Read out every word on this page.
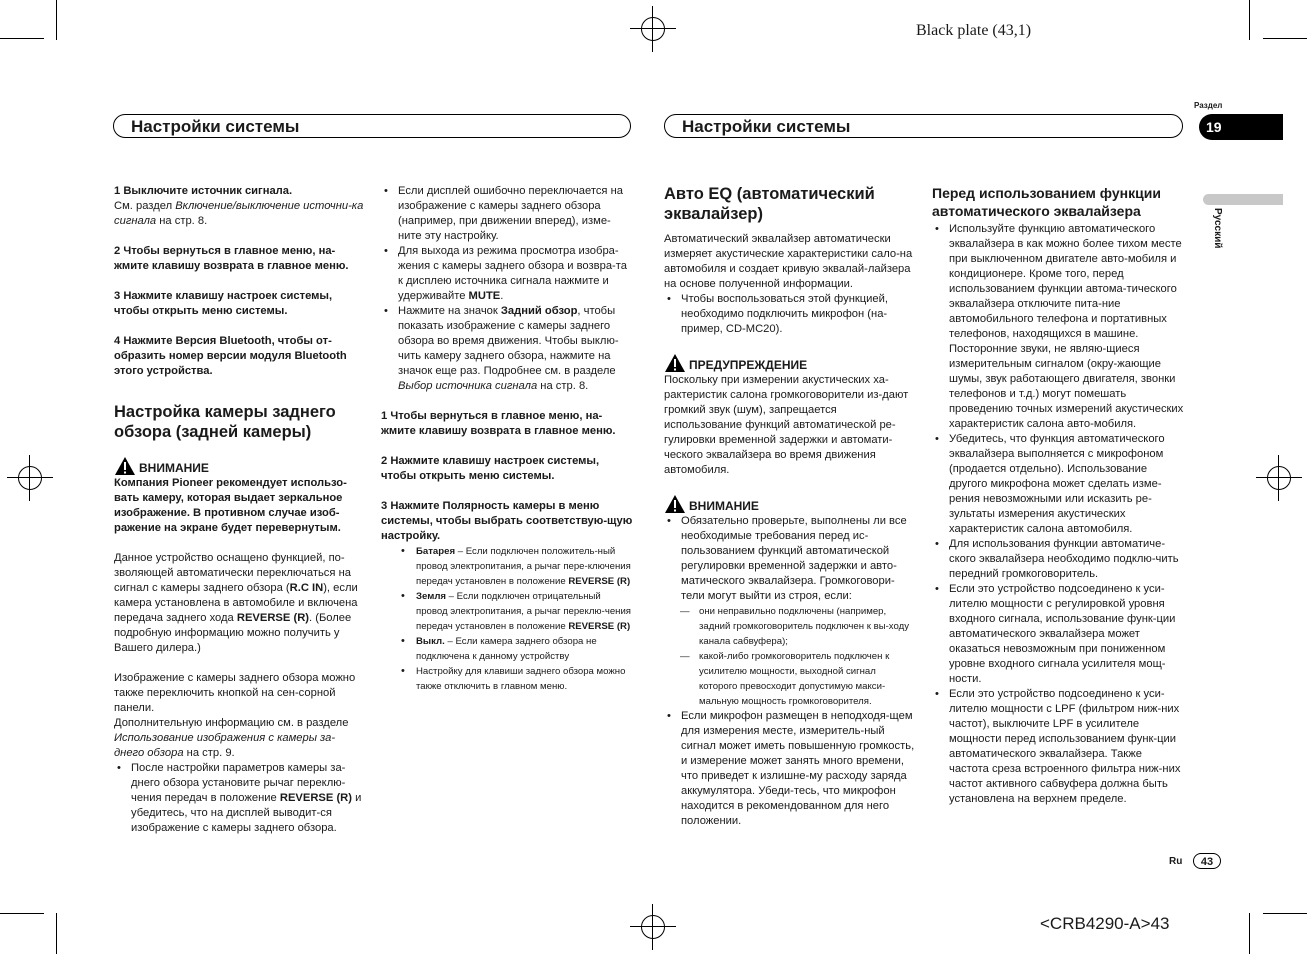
Black plate (43,1)
Настройки системы	Настройки системы
Раздел
19
Русский

1 Выключите источник сигнала.

См. раздел Включение/выключение источни-ка сигнала на стр. 8.

2 Чтобы вернуться в главное меню, на-жмите клавишу возврата в главное меню.

3 Нажмите клавишу настроек системы, чтобы открыть меню системы.

4 Нажмите Версия Bluetooth, чтобы от-образить номер версии модуля Bluetooth этого устройства.

Настройка камеры заднего обзора (задней камеры)
ВНИМАНИЕ

Компания Pioneer рекомендует использо-вать камеру, которая выдает зеркальное изображение. В противном случае изоб-ражение на экране будет перевернутым.

Данное устройство оснащено функцией, по-зволяющей автоматически переключаться на сигнал с камеры заднего обзора (R.C IN), если камера установлена в автомобиле и включена передача заднего хода REVERSE (R). (Более подробную информацию можно получить у Вашего дилера.)

Изображение с камеры заднего обзора можно также переключить кнопкой на сен-сорной панели.

Дополнительную информацию см. в разделе Использование изображения с камеры за-днего обзора на стр. 9.

• После настройки параметров камеры за-днего обзора установите рычаг переклю-чения передач в положение REVERSE (R) и убедитесь, что на дисплей выводит-ся изображение с камеры заднего обзора.
• Если дисплей ошибочно переключается на изображение с камеры заднего обзора (например, при движении вперед), изме-ните эту настройку.
• Для выхода из режима просмотра изобра-жения с камеры заднего обзора и возвра-та к дисплею источника сигнала нажмите и удерживайте MUTE.
• Нажмите на значок Задний обзор, чтобы показать изображение с камеры заднего обзора во время движения. Чтобы выклю-чить камеру заднего обзора, нажмите на значок еще раз. Подробнее см. в разделе Выбор источника сигнала на стр. 8.

1 Чтобы вернуться в главное меню, на-жмите клавишу возврата в главное меню.

2 Нажмите клавишу настроек системы, чтобы открыть меню системы.

3 Нажмите Полярность камеры в меню системы, чтобы выбрать соответствую-щую настройку.

• Батарея – Если подключен положитель-ный провод электропитания, а рычаг пере-ключения передач установлен в положение REVERSE (R)
• Земля – Если подключен отрицательный провод электропитания, а рычаг переклю-чения передач установлен в положение REVERSE (R)
• Выкл. – Если камера заднего обзора не подключена к данному устройству
• Настройку для клавиши заднего обзора можно также отключить в главном меню.
Авто EQ (автоматический эквалайзер)

Автоматический эквалайзер автоматически измеряет акустические характеристики сало-на автомобиля и создает кривую эквалай-лайзера на основе полученной информации.

• Чтобы воспользоваться этой функцией, необходимо подключить микрофон (на-пример, CD-MC20).
ПРЕДУПРЕЖДЕНИЕ

Поскольку при измерении акустических ха-рактеристик салона громкоговорители из-дают громкий звук (шум), запрещается использование функций автоматической ре-гулировки временной задержки и автомати-ческого эквалайзера во время движения автомобиля.

ВНИМАНИЕ
• Обязательно проверьте, выполнены ли все необходимые требования перед ис-пользованием функций автоматической регулировки временной задержки и авто-матического эквалайзера. Громкоговори-тели могут выйти из строя, если:
— они неправильно подключены (например, задний громкоговоритель подключен к вы-ходу канала сабвуфера);
— какой-либо громкоговоритель подключен к усилителю мощности, выходной сигнал которого превосходит допустимую макси-мальную мощность громкоговорителя.
• Если микрофон размещен в неподходя-щем для измерения месте, измеритель-ный сигнал может иметь повышенную громкость, и измерение может занять много времени, что приведет к излишне-му расходу заряда аккумулятора. Убеди-тесь, что микрофон находится в рекомендованном для него положении.
Перед использованием функции автоматического эквалайзера
• Используйте функцию автоматического эквалайзера в как можно более тихом месте при выключенном двигателе авто-мобиля и кондиционере. Кроме того, перед использованием функции автома-тического эквалайзера отключите пита-ние автомобильного телефона и портативных телефонов, находящихся в машине. Посторонние звуки, не являю-щиеся измерительным сигналом (окру-жающие шумы, звук работающего двигателя, звонки телефонов и т.д.) могут помешать проведению точных измерений акустических характеристик салона авто-мобиля.
• Убедитесь, что функция автоматического эквалайзера выполняется с микрофоном (продается отдельно). Использование другого микрофона может сделать изме-рения невозможными или исказить ре-зультаты измерения акустических характеристик салона автомобиля.
• Для использования функции автоматиче-ского эквалайзера необходимо подклю-чить передний громкоговоритель.
• Если это устройство подсоединено к уси-лителю мощности с регулировкой уровня входного сигнала, использование функ-ции автоматического эквалайзера может оказаться невозможным при пониженном уровне входного сигнала усилителя мощ-ности.
• Если это устройство подсоединено к уси-лителю мощности с LPF (фильтром ниж-них частот), выключите LPF в усилителе мощности перед использованием функ-ции автоматического эквалайзера. Также частота среза встроенного фильтра ниж-них частот активного сабвуфера должна быть установлена на верхнем пределе.
Ru	43
<CRB4290-A>43
